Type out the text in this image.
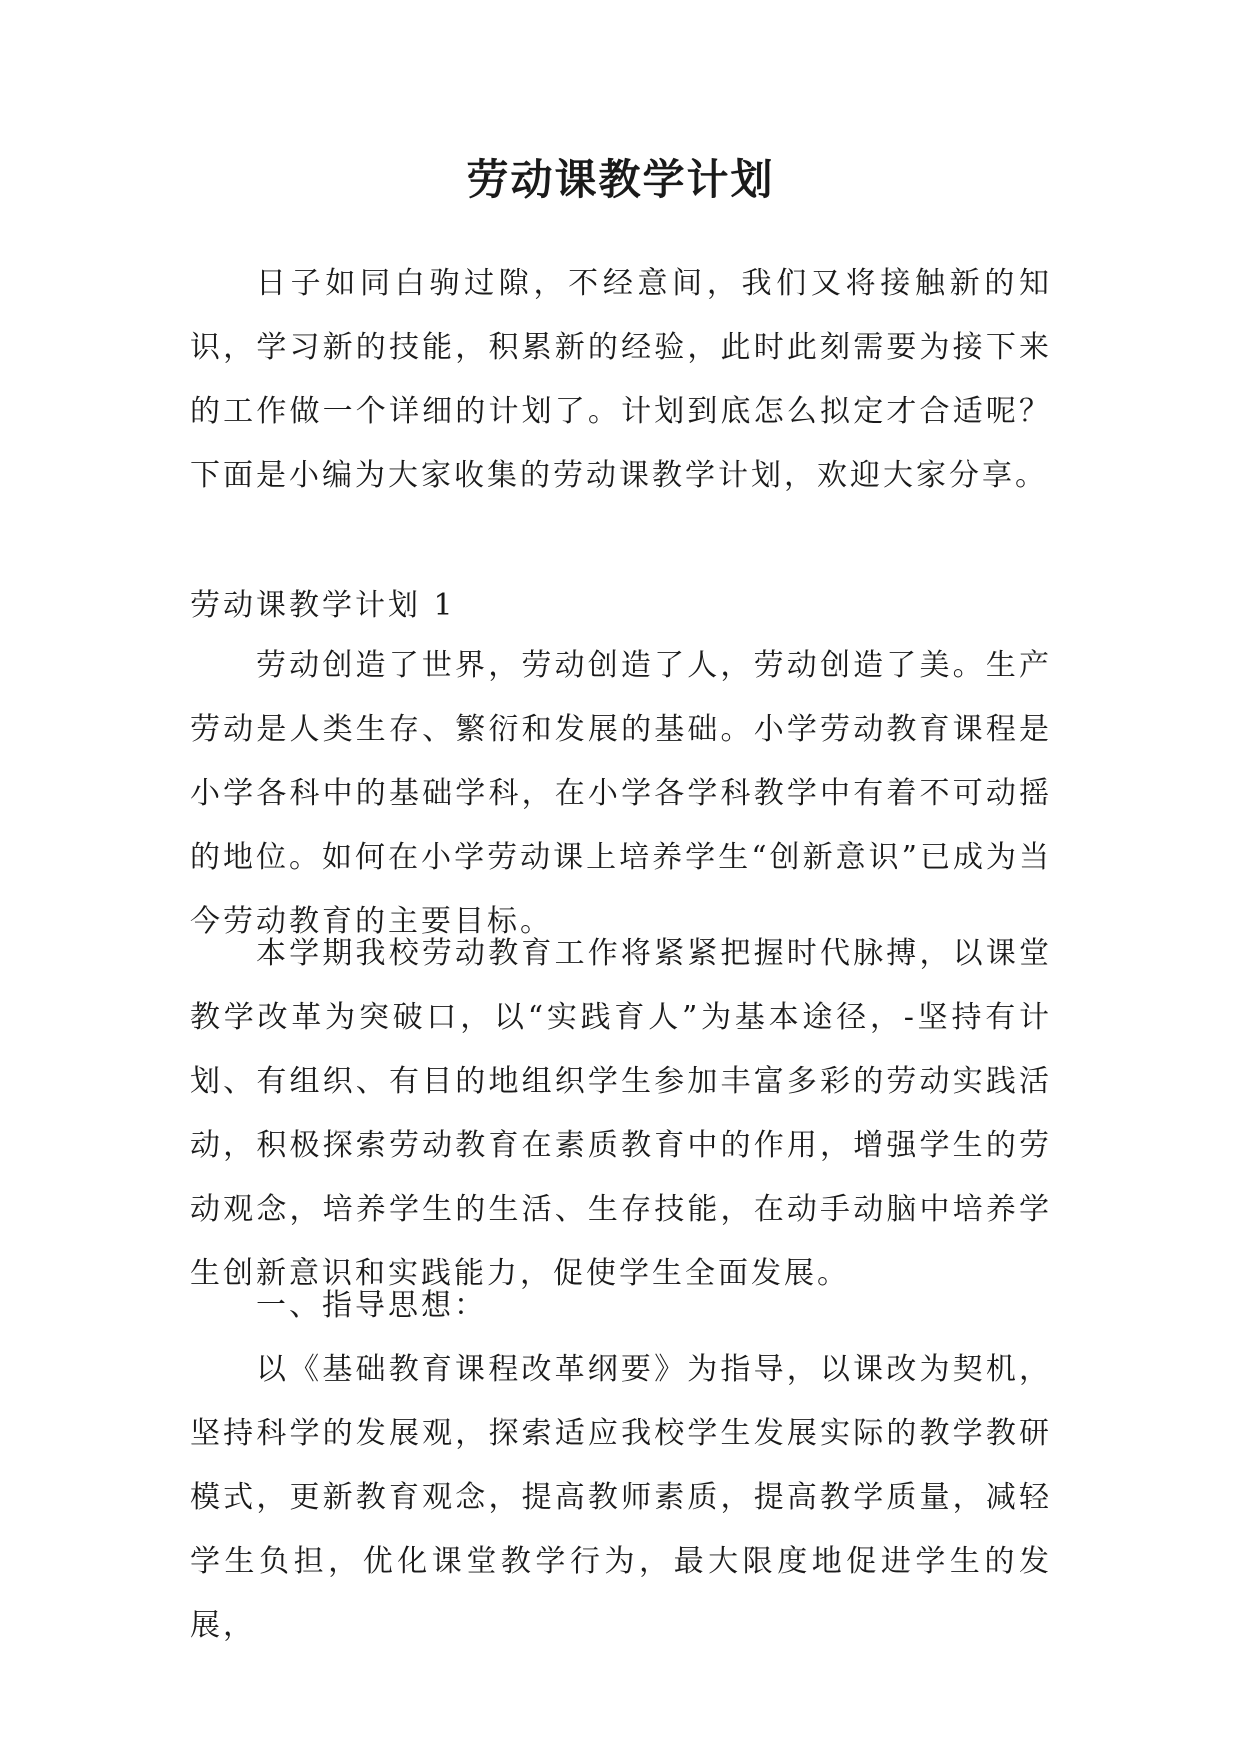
劳动课教学计划

日子如同白驹过隙，不经意间，我们又将接触新的知识，学习新的技能，积累新的经验，此时此刻需要为接下来的工作做一个详细的计划了。计划到底怎么拟定才合适呢？下面是小编为大家收集的劳动课教学计划，欢迎大家分享。

劳动课教学计划 1

劳动创造了世界，劳动创造了人，劳动创造了美。生产劳动是人类生存、繁衍和发展的基础。小学劳动教育课程是小学各科中的基础学科，在小学各学科教学中有着不可动摇的地位。如何在小学劳动课上培养学生“创新意识”已成为当今劳动教育的主要目标。

本学期我校劳动教育工作将紧紧把握时代脉搏，以课堂教学改革为突破口，以“实践育人”为基本途径，-坚持有计划、有组织、有目的地组织学生参加丰富多彩的劳动实践活动，积极探索劳动教育在素质教育中的作用，增强学生的劳动观念，培养学生的生活、生存技能，在动手动脑中培养学生创新意识和实践能力，促使学生全面发展。

一、指导思想：

以《基础教育课程改革纲要》为指导，以课改为契机，坚持科学的发展观，探索适应我校学生发展实际的教学教研模式，更新教育观念，提高教师素质，提高教学质量，减轻学生负担，优化课堂教学行为，最大限度地促进学生的发展，
